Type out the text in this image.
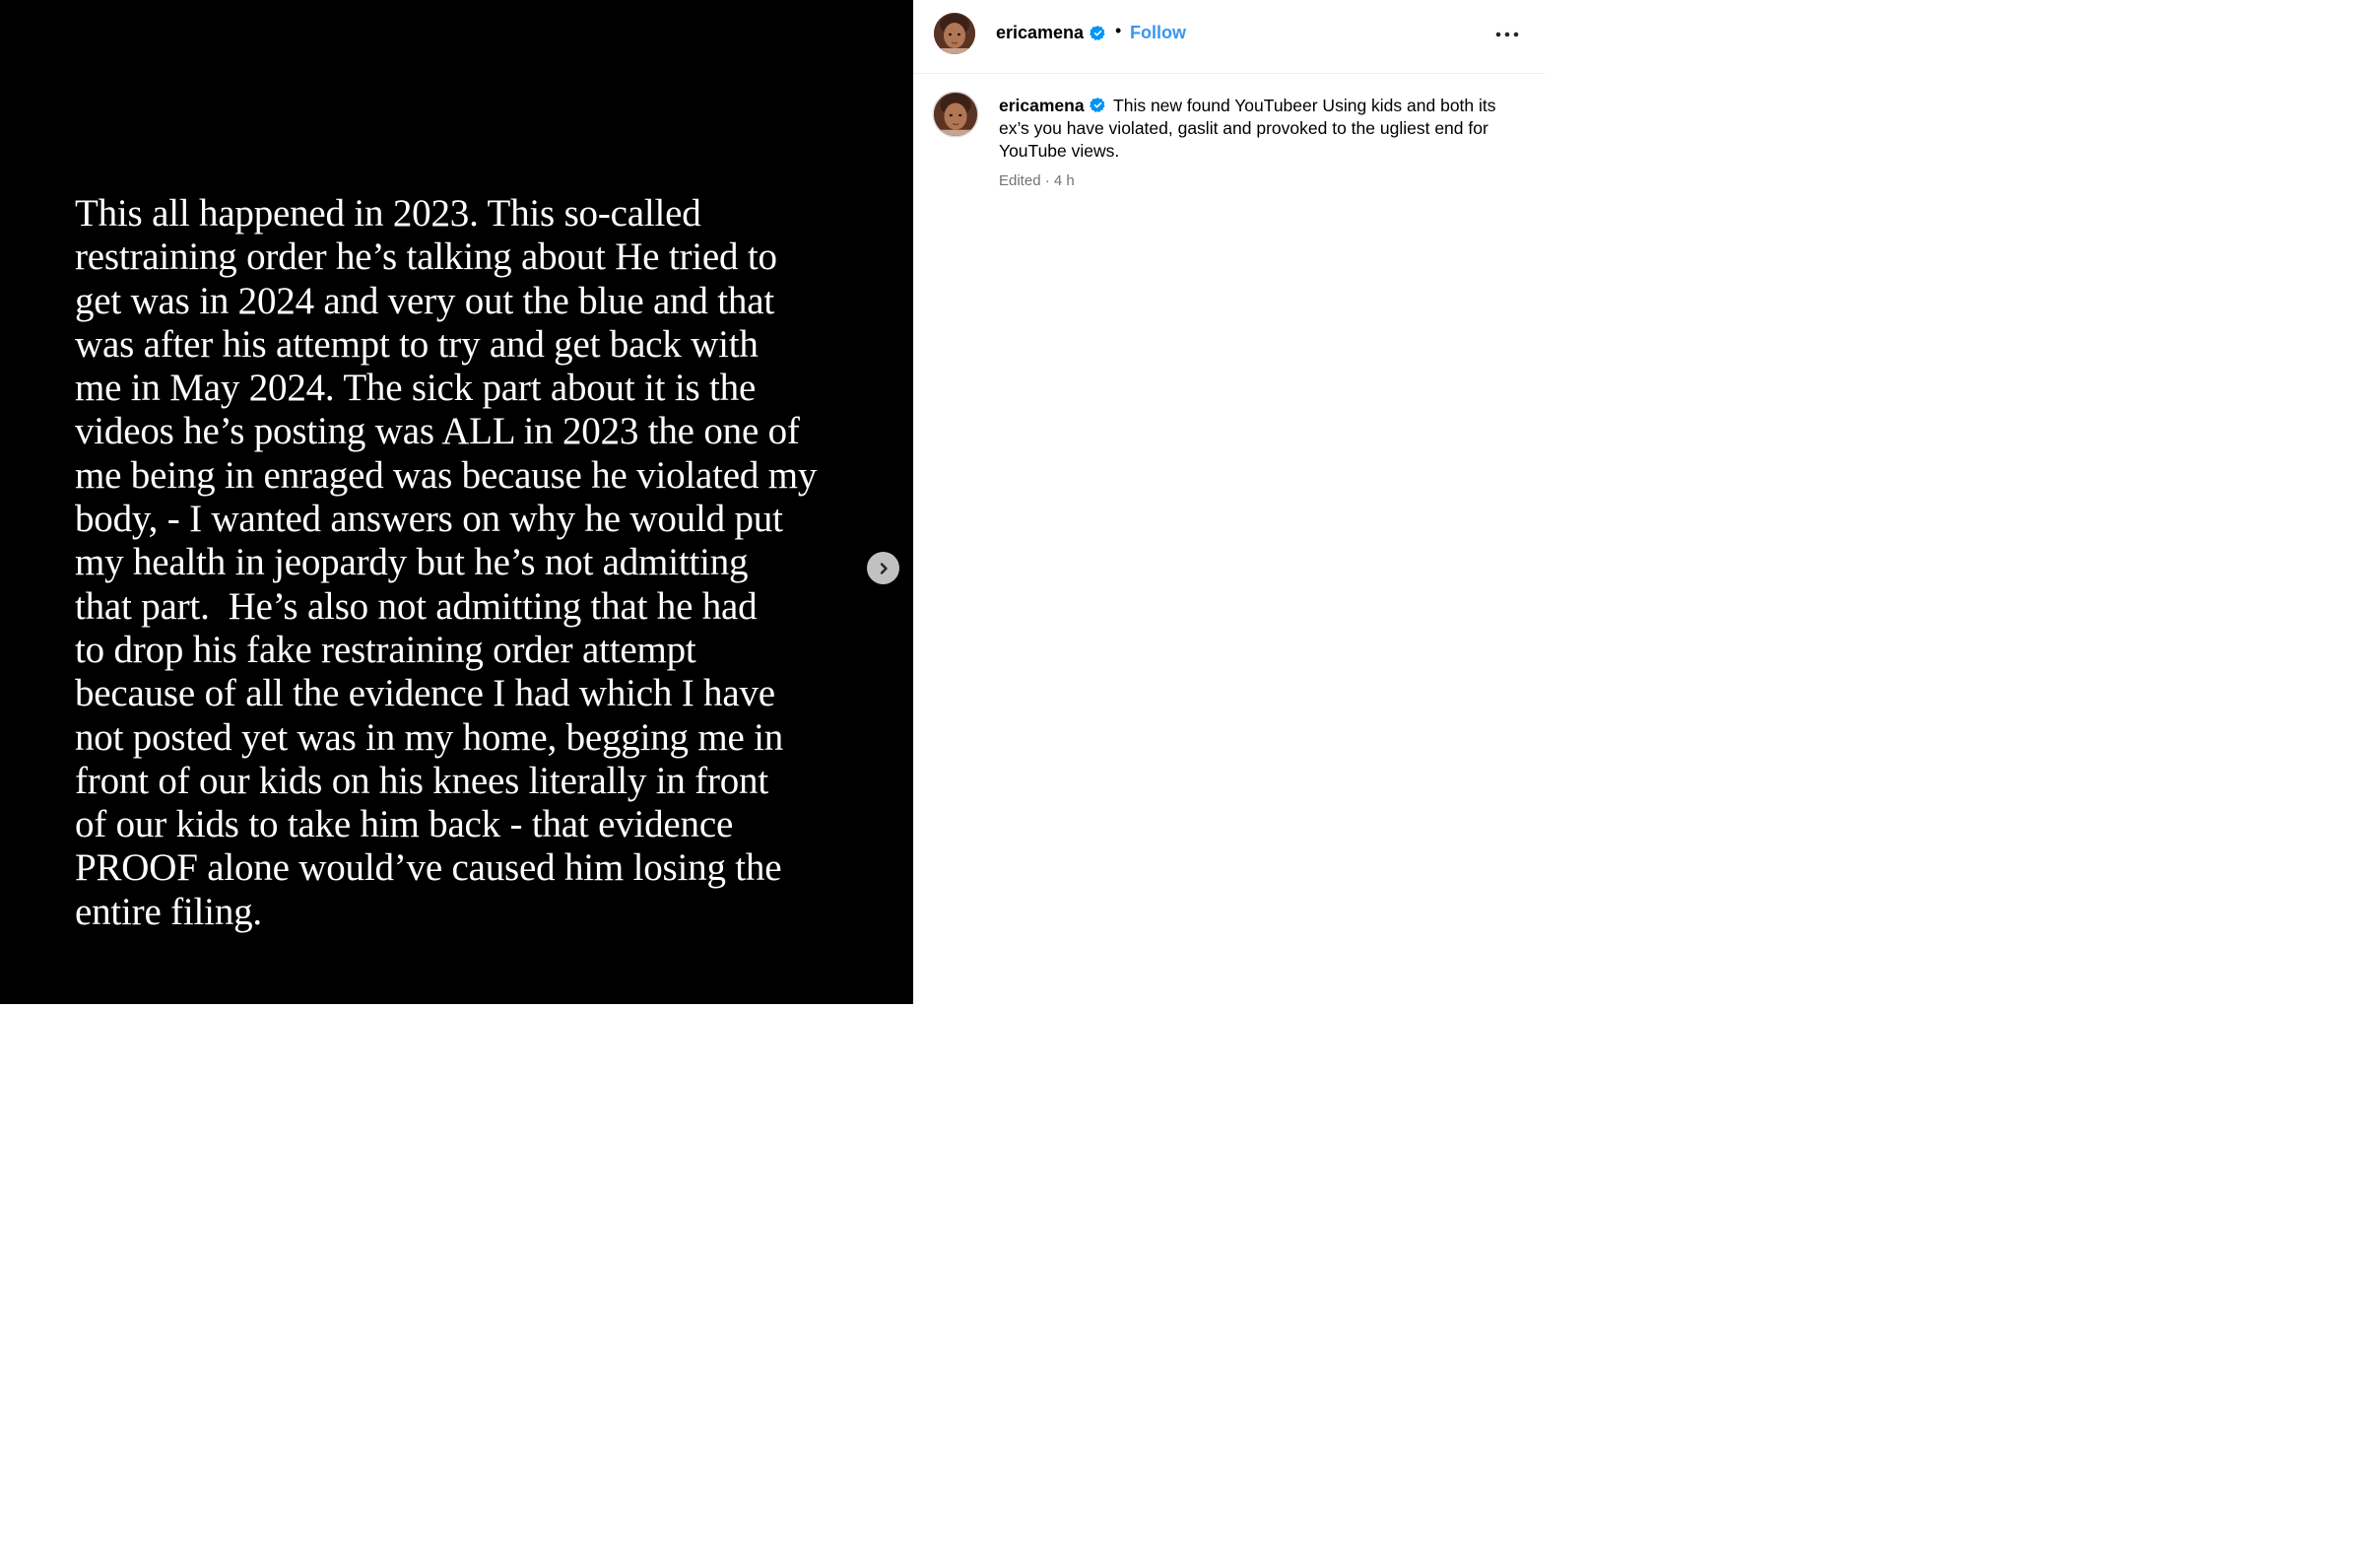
This all happened in 2023. This so-called
restraining order he’s talking about He tried to
get was in 2024 and very out the blue and that
was after his attempt to try and get back with
me in May 2024. The sick part about it is the
videos he’s posting was ALL in 2023 the one of
me being in enraged was because he violated my
body, - I wanted answers on why he would put
my health in jeopardy but he’s not admitting
that part.  He’s also not admitting that he had
to drop his fake restraining order attempt
because of all the evidence I had which I have
not posted yet was in my home, begging me in
front of our kids on his knees literally in front
of our kids to take him back - that evidence
PROOF alone would’ve caused him losing the
entire filing.

ericamena • Follow
ericamena This new found YouTubeer Using kids and both its ex’s you have violated, gaslit and provoked to the ugliest end for YouTube views.
Edited · 4 h
